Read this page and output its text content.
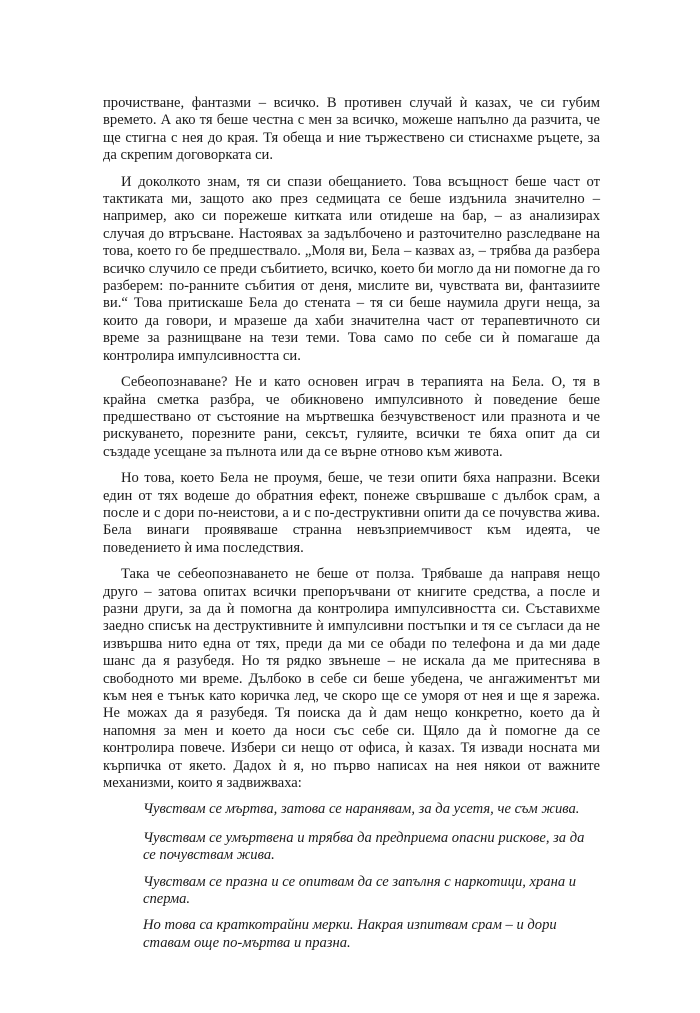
прочистване, фантазми – всичко. В противен случай ѝ казах, че си губим времето. А ако тя беше честна с мен за всичко, можеше напълно да разчита, че ще стигна с нея до края. Тя обеща и ние тържествено си стиснахме ръцете, за да скрепим договорката си.

И доколкото знам, тя си спази обещанието. Това всъщност беше част от тактиката ми, защото ако през седмицата се беше изд͏ънила значително – например, ако си порежеше китката или отидеше на бар, – аз анализирах случая до втръсване. Настоявах за задълбочено и разточително разследване на това, което го бе предшествало. „Моля ви, Бела – казвах аз, – трябва да разбера всичко случило се преди събитието, всичко, което би могло да ни помогне да го разберем: по-ранните събития от деня, мислите ви, чувствата ви, фантазиите ви.“ Това притискаше Бела до стената – тя си беше наумила други неща, за които да говори, и мразеше да хаби значителна част от терапевтичното си време за разнищване на тези теми. Това само по себе си ѝ помагаше да контролира импулсивността си.

Себеопознаване? Не и като основен играч в терапията на Бела. О, тя в крайна сметка разбра, че обикновено импулсивното ѝ поведение беше предшествано от състояние на мъртвешка безчувственост или празнота и че рискуването, порезните рани, сексът, гуляите, всички те бяха опит да си създаде усещане за пълнота или да се върне отново към живота.

Но това, което Бела не проумя, беше, че тези опити бяха напразни. Всеки един от тях водеше до обратния ефект, понеже свършваше с дълбок срам, а после и с дори по-неистови, а и с по-деструктивни опити да се почувства жива. Бела винаги проявяваше странна невъзприемчивост към идеята, че поведението ѝ има последствия.

Така че себеопознаването не беше от полза. Трябваше да направя нещо друго – затова опитах всички препоръчвани от книгите средства, а после и разни други, за да ѝ помогна да контролира импулсивността си. Съставихме заедно списък на деструктивните ѝ импулсивни постъпки и тя се съгласи да не извършва нито една от тях, преди да ми се обади по телефона и да ми даде шанс да я разубедя. Но тя рядко звънеше – не искала да ме притеснява в свободното ми време. Дълбоко в себе си беше убедена, че ангажиментът ми към нея е тънък като коричка лед, че скоро ще се уморя от нея и ще я зарежа. Не можах да я разубедя. Тя поиска да ѝ дам нещо конкретно, което да ѝ напомня за мен и което да носи със себе си. Щяло да ѝ помогне да се контролира повече. Избери си нещо от офиса, ѝ казах. Тя извади носната ми кърпичка от якето. Дадох ѝ я, но първо написах на нея някои от важните механизми, които я задвижваха:

Чувствам се мъртва, затова се наранявам, за да усетя, че съм жива.

Чувствам се умъртвена и трябва да предприема опасни рискове, за да се почувствам жива.

Чувствам се празна и се опитвам да се запълня с наркотици, храна и сперма.

Но това са краткотрайни мерки. Накрая изпитвам срам – и дори ставам още по-мъртва и празна.
